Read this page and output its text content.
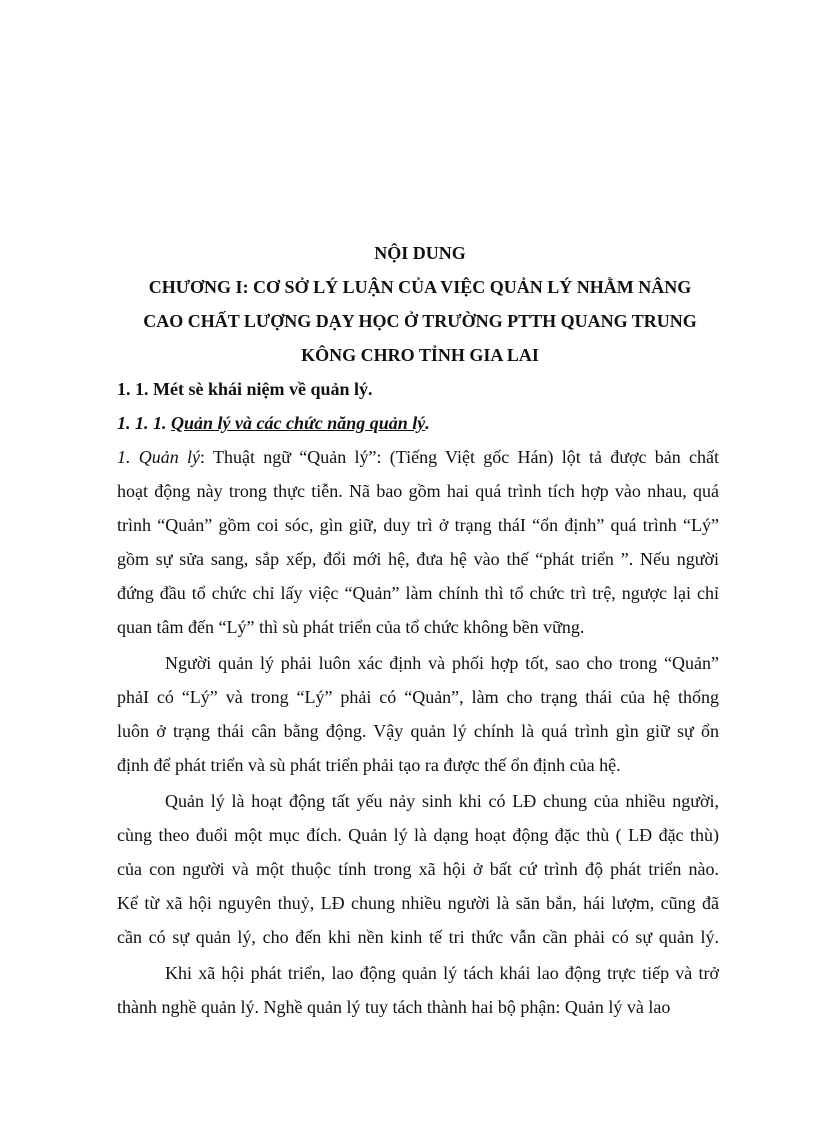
NỘI DUNG
CHƯƠNG I: CƠ SỞ LÝ LUẬN CỦA VIỆC QUẢN LÝ NHẰM NÂNG
CAO CHẤT LƯỢNG DẠY HỌC Ở TRƯỜNG PTTH QUANG TRUNG
KÔNG CHRO TỈNH GIA LAI
1. 1. Mét sè khái niệm về quản lý.
1. 1. 1. Quản lý và các chức năng quản lý.
1. Quản lý: Thuật ngữ “Quản lý”: (Tiếng Việt gốc Hán) lột tả được bản chất
hoạt động này trong thực tiễn. Nã bao gồm hai quá trình tích hợp vào nhau, quá
trình “Quản” gồm coi sóc, gìn giữ, duy trì ở trạng tháI “ổn định” quá trình “Lý”
gồm sự sửa sang, sắp xếp, đổi mới hệ, đưa hệ vào thế “phát triển ”. Nếu người
đứng đầu tổ chức chỉ lấy việc “Quản” làm chính thì tổ chức trì trệ, ngược lại chỉ
quan tâm đến “Lý” thì sù phát triển của tổ chức không bền vững.
Người quản lý phải luôn xác định và phối hợp tốt, sao cho trong “Quản”
phảI có “Lý” và trong “Lý” phải có “Quản”, làm cho trạng thái của hệ thống
luôn ở trạng thái cân bằng động. Vậy quản lý chính là quá trình gìn giữ sự ổn
định để phát triển và sù phát triển phải tạo ra được thế ổn định của hệ.
Quản lý là hoạt động tất yếu nảy sinh khi có LĐ chung của nhiều người,
cùng theo đuổi một mục đích. Quản lý là dạng hoạt động đặc thù ( LĐ đặc thù)
của con người và một thuộc tính trong xã hội ở bất cứ trình độ phát triển nào.
Kể từ xã hội nguyên thuỷ, LĐ chung nhiều người là săn bắn, hái lượm, cũng đã
cần có sự quản lý, cho đến khi nền kinh tế tri thức vẫn cần phải có sự quản lý.
Khi xã hội phát triển, lao động quản lý tách khái lao động trực tiếp và trở
thành nghề quản lý. Nghề quản lý tuy tách thành hai bộ phận: Quản lý và lao
